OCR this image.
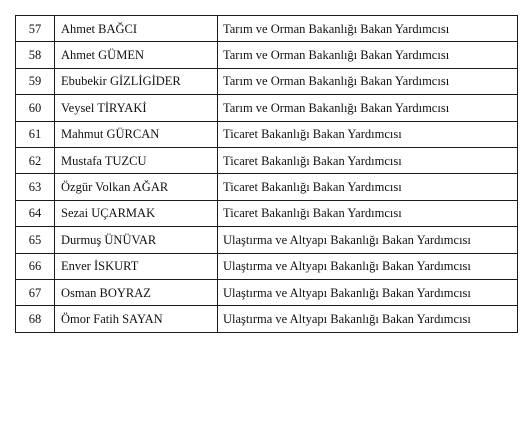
57	Ahmet BAĞCI	Tarım ve Orman Bakanlığı Bakan Yardımcısı
58	Ahmet GÜMEN	Tarım ve Orman Bakanlığı Bakan Yardımcısı
59	Ebubekir GİZLİGİDER	Tarım ve Orman Bakanlığı Bakan Yardımcısı
60	Veysel TİRYAKİ	Tarım ve Orman Bakanlığı Bakan Yardımcısı
61	Mahmut GÜRCAN	Ticaret Bakanlığı Bakan Yardımcısı
62	Mustafa TUZCU	Ticaret Bakanlığı Bakan Yardımcısı
63	Özgür Volkan AĞAR	Ticaret Bakanlığı Bakan Yardımcısı
64	Sezai UÇARMAK	Ticaret Bakanlığı Bakan Yardımcısı
65	Durmuş ÜNÜVAR	Ulaştırma ve Altyapı Bakanlığı Bakan Yardımcısı
66	Enver İSKURT	Ulaştırma ve Altyapı Bakanlığı Bakan Yardımcısı
67	Osman BOYRAZ	Ulaştırma ve Altyapı Bakanlığı Bakan Yardımcısı
68	Ömor Fatih SAYAN	Ulaştırma ve Altyapı Bakanlığı Bakan Yardımcısı
